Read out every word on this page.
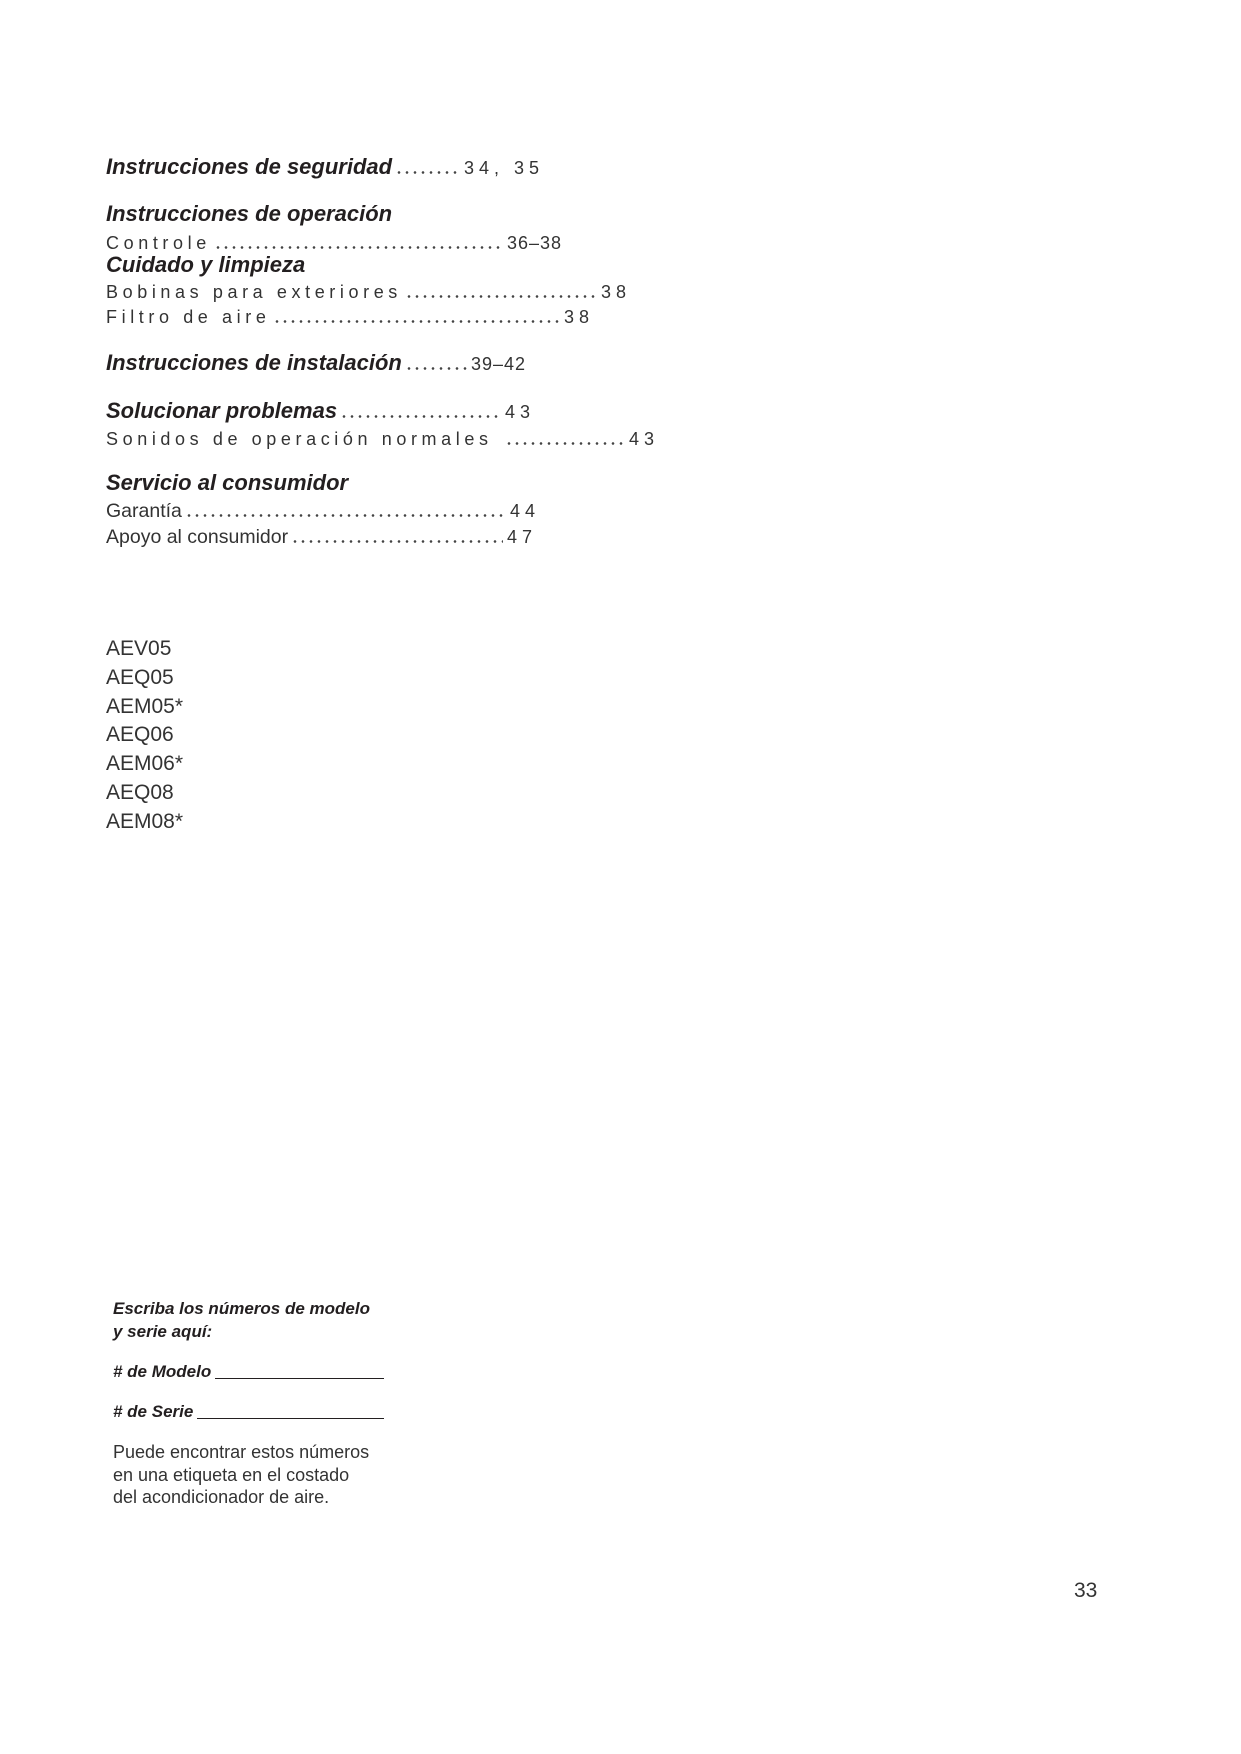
Instrucciones de seguridad	34, 35
Instrucciones de operación
Controle	36–38
Cuidado y limpieza
Bobinas para exteriores	38
Filtro de aire	38
Instrucciones de instalación	39–42
Solucionar problemas	43
Sonidos de operación normales	43
Servicio al consumidor
Garantía	44
Apoyo al consumidor	47
AEV05
AEQ05
AEM05*
AEQ06
AEM06*
AEQ08
AEM08*
Escriba los números de modelo
y serie aquí:
# de Modelo
# de Serie
Puede encontrar estos números
en una etiqueta en el costado
del acondicionador de aire.
33
